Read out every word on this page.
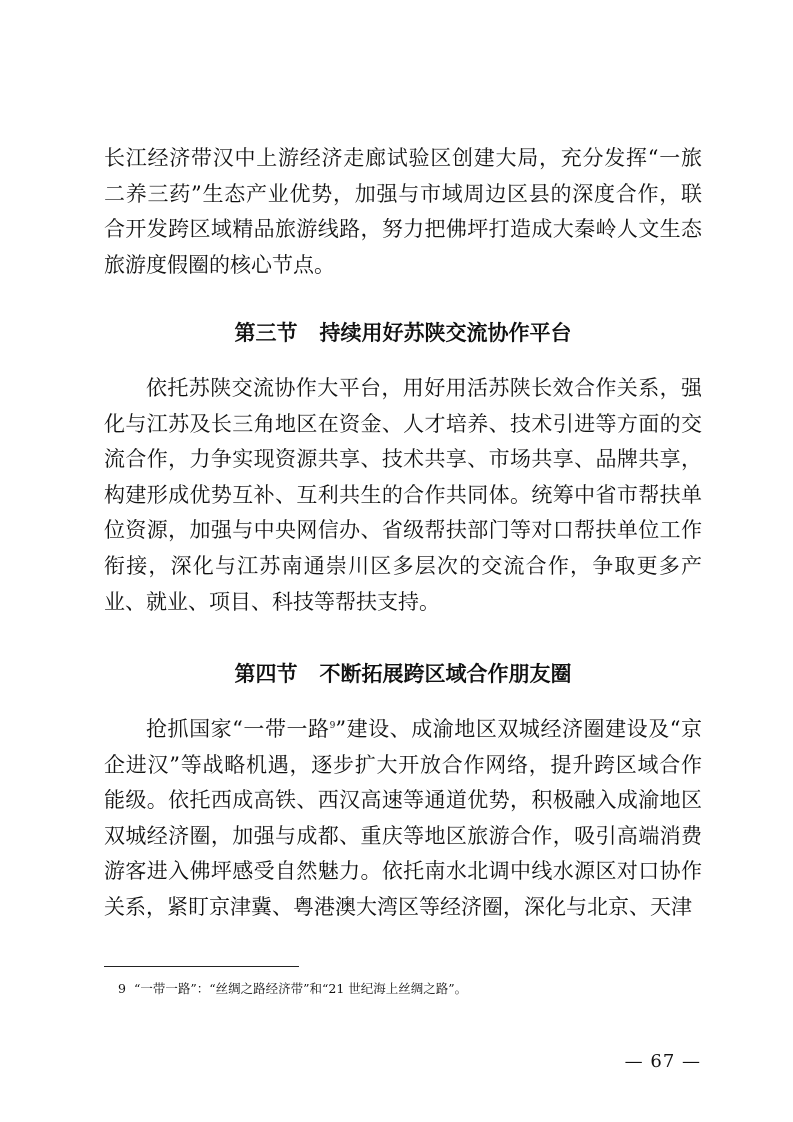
长江经济带汉中上游经济走廊试验区创建大局，充分发挥“一旅二养三药”生态产业优势，加强与市域周边区县的深度合作，联合开发跨区域精品旅游线路，努力把佛坪打造成大秦岭人文生态旅游度假圈的核心节点。

第三节 持续用好苏陕交流协作平台

依托苏陕交流协作大平台，用好用活苏陕长效合作关系，强化与江苏及长三角地区在资金、人才培养、技术引进等方面的交流合作，力争实现资源共享、技术共享、市场共享、品牌共享，构建形成优势互补、互利共生的合作共同体。统筹中省市帮扶单位资源，加强与中央网信办、省级帮扶部门等对口帮扶单位工作衔接，深化与江苏南通崇川区多层次的交流合作，争取更多产业、就业、项目、科技等帮扶支持。

第四节 不断拓展跨区域合作朋友圈

抢抓国家“一带一路$^9$”建设、成渝地区双城经济圈建设及“京企进汉”等战略机遇，逐步扩大开放合作网络，提升跨区域合作能级。依托西成高铁、西汉高速等通道优势，积极融入成渝地区双城经济圈，加强与成都、重庆等地区旅游合作，吸引高端消费游客进入佛坪感受自然魅力。依托南水北调中线水源区对口协作关系，紧盯京津冀、粤港澳大湾区等经济圈，深化与北京、天津

9 “一带一路”：“丝绸之路经济带”和“21 世纪海上丝绸之路”。

— 67 —
